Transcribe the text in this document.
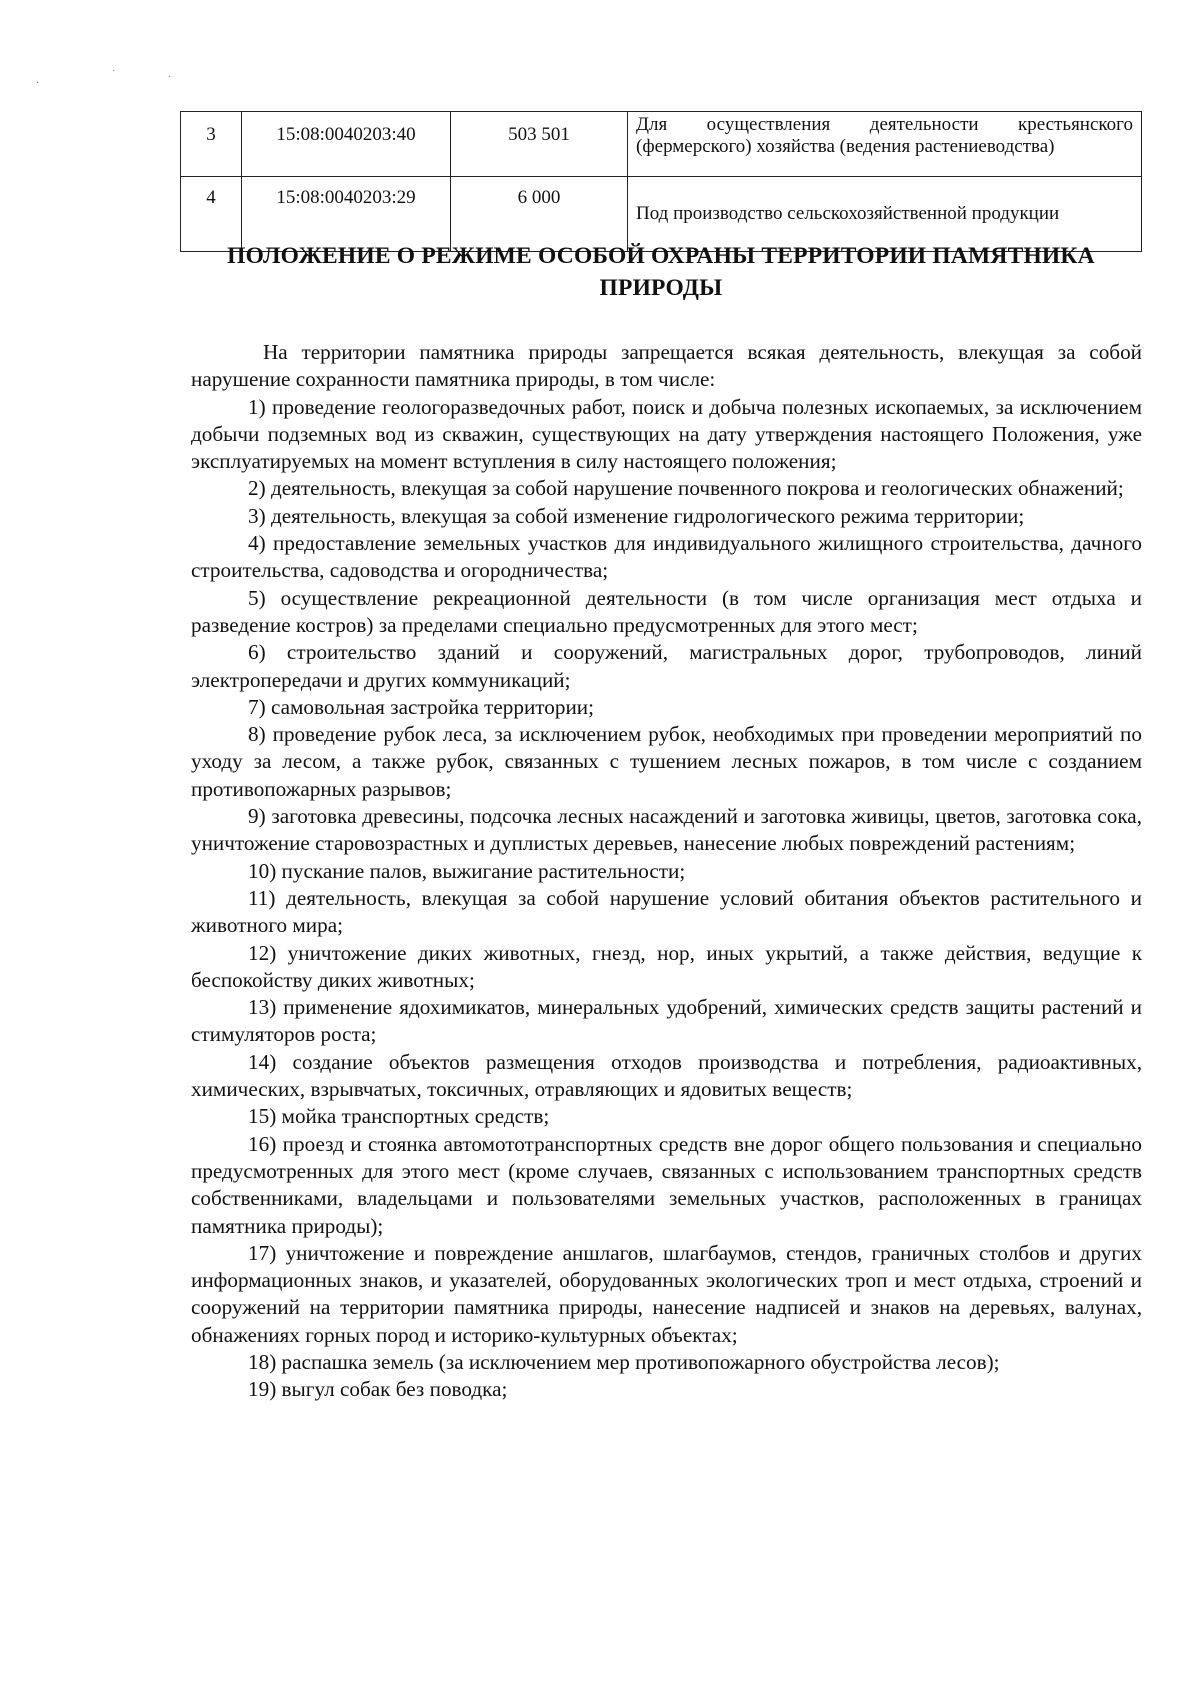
3	15:08:0040203:40	503 501	Для осуществления деятельности крестьянского (фермерского) хозяйства (ведения растениеводства)
4	15:08:0040203:29	6 000	Под производство сельскохозяйственной продукции
ПОЛОЖЕНИЕ О РЕЖИМЕ ОСОБОЙ ОХРАНЫ ТЕРРИТОРИИ ПАМЯТНИКА ПРИРОДЫ

На территории памятника природы запрещается всякая деятельность, влекущая за собой нарушение сохранности памятника природы, в том числе:

1) проведение геологоразведочных работ, поиск и добыча полезных ископаемых, за исключением добычи подземных вод из скважин, существующих на дату утверждения настоящего Положения, уже эксплуатируемых на момент вступления в силу настоящего положения;

2) деятельность, влекущая за собой нарушение почвенного покрова и геологических обнажений;

3) деятельность, влекущая за собой изменение гидрологического режима территории;

4) предоставление земельных участков для индивидуального жилищного строительства, дачного строительства, садоводства и огородничества;

5) осуществление рекреационной деятельности (в том числе организация мест отдыха и разведение костров) за пределами специально предусмотренных для этого мест;

6) строительство зданий и сооружений, магистральных дорог, трубопроводов, линий электропередачи и других коммуникаций;

7) самовольная застройка территории;

8) проведение рубок леса, за исключением рубок, необходимых при проведении мероприятий по уходу за лесом, а также рубок, связанных с тушением лесных пожаров, в том числе с созданием противопожарных разрывов;

9) заготовка древесины, подсочка лесных насаждений и заготовка живицы, цветов, заготовка сока, уничтожение старовозрастных и дуплистых деревьев, нанесение любых повреждений растениям;

10) пускание палов, выжигание растительности;

11) деятельность, влекущая за собой нарушение условий обитания объектов растительного и животного мира;

12) уничтожение диких животных, гнезд, нор, иных укрытий, а также действия, ведущие к беспокойству диких животных;

13) применение ядохимикатов, минеральных удобрений, химических средств защиты растений и стимуляторов роста;

14) создание объектов размещения отходов производства и потребления, радиоактивных, химических, взрывчатых, токсичных, отравляющих и ядовитых веществ;

15) мойка транспортных средств;

16) проезд и стоянка автомототранспортных средств вне дорог общего пользования и специально предусмотренных для этого мест (кроме случаев, связанных с использованием транспортных средств собственниками, владельцами и пользователями земельных участков, расположенных в границах памятника природы);

17) уничтожение и повреждение аншлагов, шлагбаумов, стендов, граничных столбов и других информационных знаков, и указателей, оборудованных экологических троп и мест отдыха, строений и сооружений на территории памятника природы, нанесение надписей и знаков на деревьях, валунах, обнажениях горных пород и историко-культурных объектах;

18) распашка земель (за исключением мер противопожарного обустройства лесов);

19) выгул собак без поводка;

·
·
·
